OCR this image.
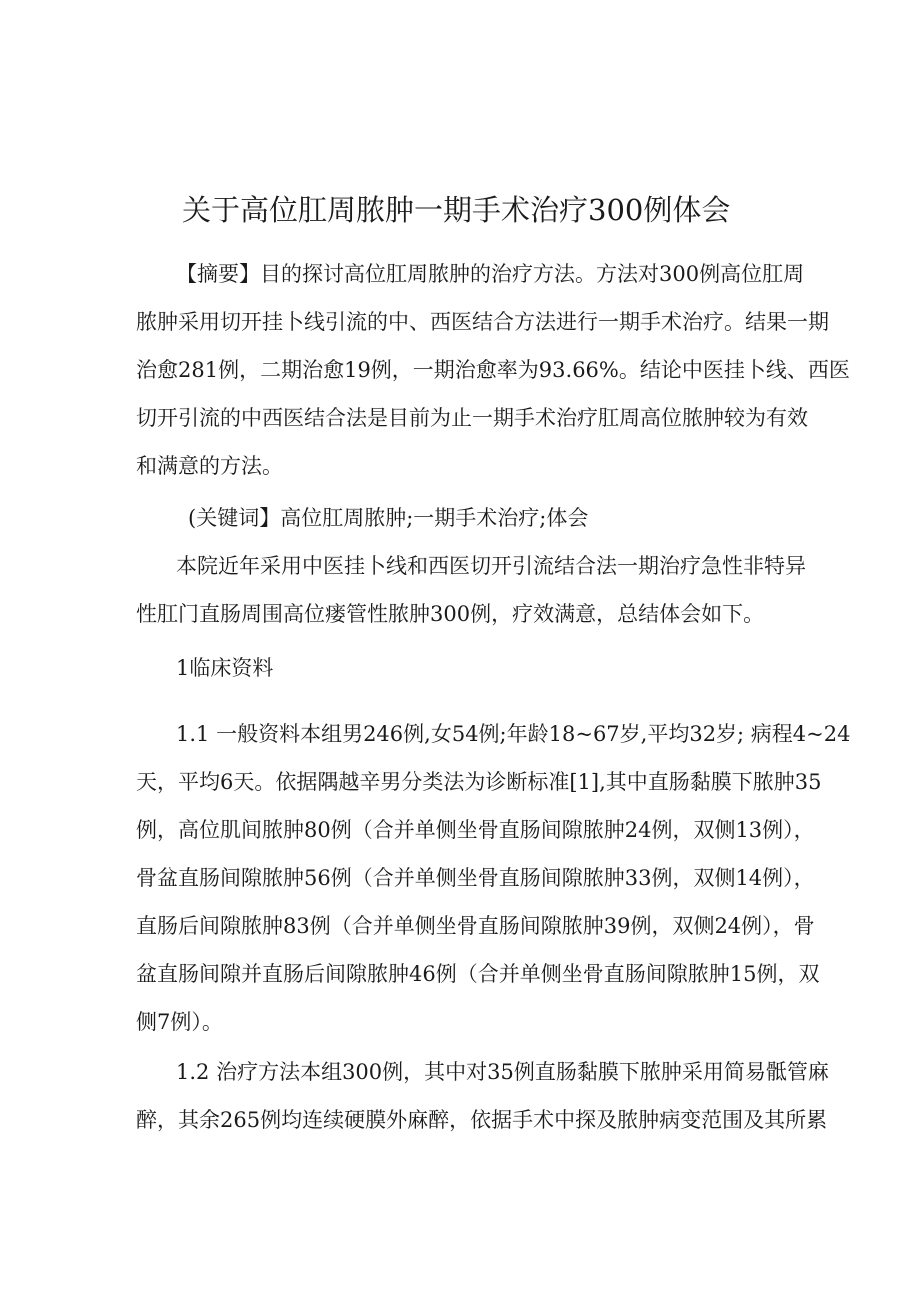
关于高位肛周脓肿一期手术治疗300例体会
【摘要】目的探讨高位肛周脓肿的治疗方法。方法对300例高位肛周
脓肿采用切开挂卜线引流的中、西医结合方法进行一期手术治疗。结果一期
治愈281例，二期治愈19例，一期治愈率为93.66%。结论中医挂卜线、西医
切开引流的中西医结合法是目前为止一期手术治疗肛周高位脓肿较为有效
和满意的方法。
(关键词】高位肛周脓肿;一期手术治疗;体会
本院近年采用中医挂卜线和西医切开引流结合法一期治疗急性非特异
性肛门直肠周围高位瘘管性脓肿300例，疗效满意，总结体会如下。
1临床资料
1.1 一般资料本组男246例,女54例;年龄18~67岁,平均32岁; 病程4~24
天，平均6天。依据隅越辛男分类法为诊断标准[1],其中直肠黏膜下脓肿35
例，高位肌间脓肿80例（合并单侧坐骨直肠间隙脓肿24例，双侧13例），
骨盆直肠间隙脓肿56例（合并单侧坐骨直肠间隙脓肿33例，双侧14例），
直肠后间隙脓肿83例（合并单侧坐骨直肠间隙脓肿39例，双侧24例），骨
盆直肠间隙并直肠后间隙脓肿46例（合并单侧坐骨直肠间隙脓肿15例，双
侧7例）。
1.2 治疗方法本组300例，其中对35例直肠黏膜下脓肿采用简易骶管麻
醉，其余265例均连续硬膜外麻醉，依据手术中探及脓肿病变范围及其所累
